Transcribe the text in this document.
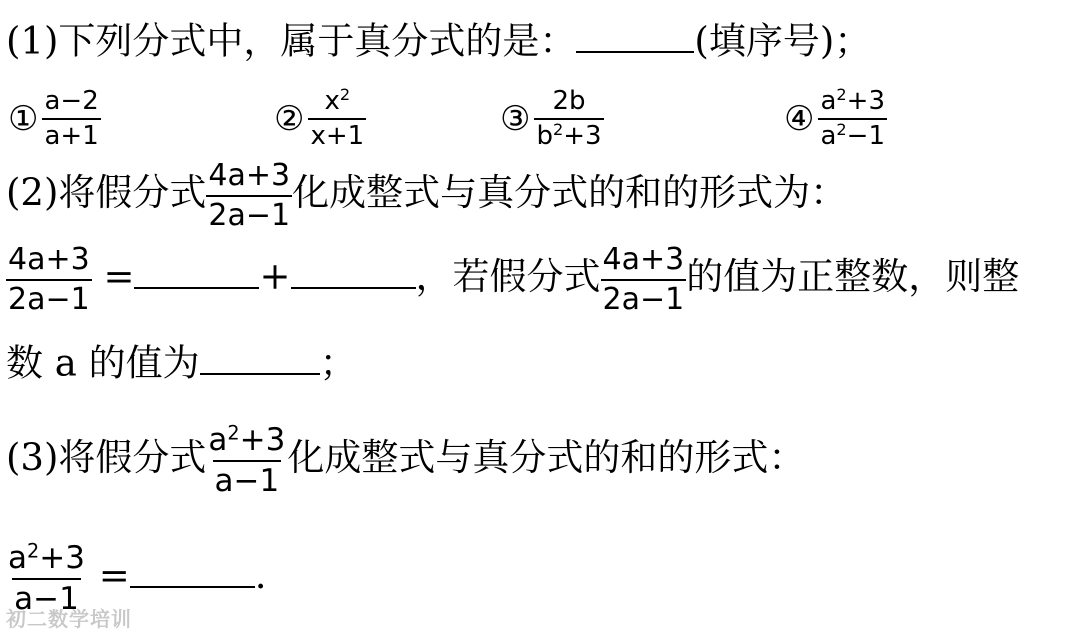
(1)下列分式中，属于真分式的是：	(填序号)；
① $\frac{a-2}{a+1}$	② $\frac{x^2}{x+1}$	③ $\frac{2b}{b^2+3}$	④ $\frac{a^2+3}{a^2-1}$
(2)将假分式 $\frac{4a+3}{2a-1}$ 化成整式与真分式的和的形式为：
$\frac{4a+3}{2a-1}$ =	+	，若假分式 $\frac{4a+3}{2a-1}$ 的值为正整数，则整
数 a 的值为	；
(3)将假分式 $\frac{a^2+3}{a-1}$ 化成整式与真分式的和的形式：
$\frac{a^2+3}{a-1}$ =	.
初二数学培训
